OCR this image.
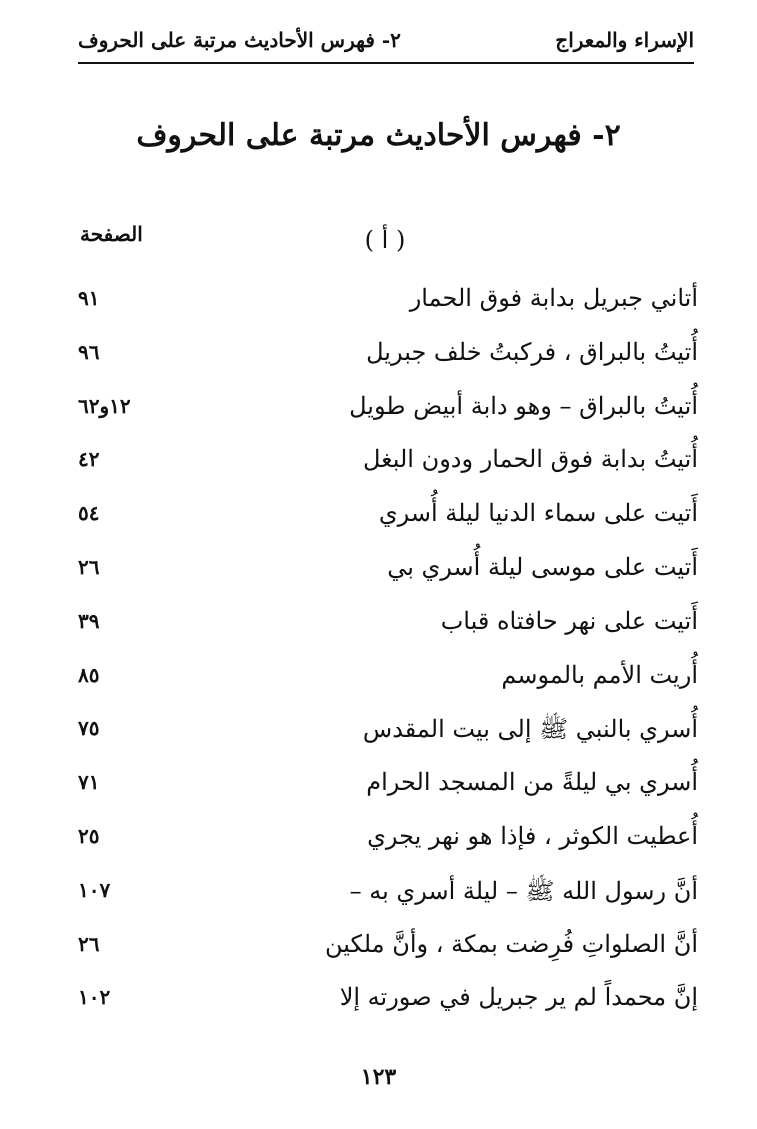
الإسراء والمعراج
٢- فهرس الأحاديث مرتبة على الحروف
٢- فهرس الأحاديث مرتبة على الحروف
الصفحة	( أ )
أتاني جبريل بدابة فوق الحمار
٩١
أُتيتُ بالبراق ، فركبتُ خلف جبريل
٩٦
أُتيتُ بالبراق – وهو دابة أبيض طويل
١٢و٦٢
أُتيتُ بدابة فوق الحمار ودون البغل
٤٢
أَتيت على سماء الدنيا ليلة أُسري
٥٤
أَتيت على موسى ليلة أُسري بي
٢٦
أَتيت على نهر حافتاه قباب
٣٩
أُريت الأمم بالموسم
٨٥
أُسري بالنبي ﷺ إلى بيت المقدس
٧٥
أُسري بي ليلةً من المسجد الحرام
٧١
أُعطيت الكوثر ، فإذا هو نهر يجري
٢٥
أنَّ رسول الله ﷺ – ليلة أسري به –
١٠٧
أنَّ الصلواتِ فُرِضت بمكة ، وأنَّ ملكين
٢٦
إنَّ محمداً لم ير جبريل في صورته إلا
١٠٢
١٢٣
